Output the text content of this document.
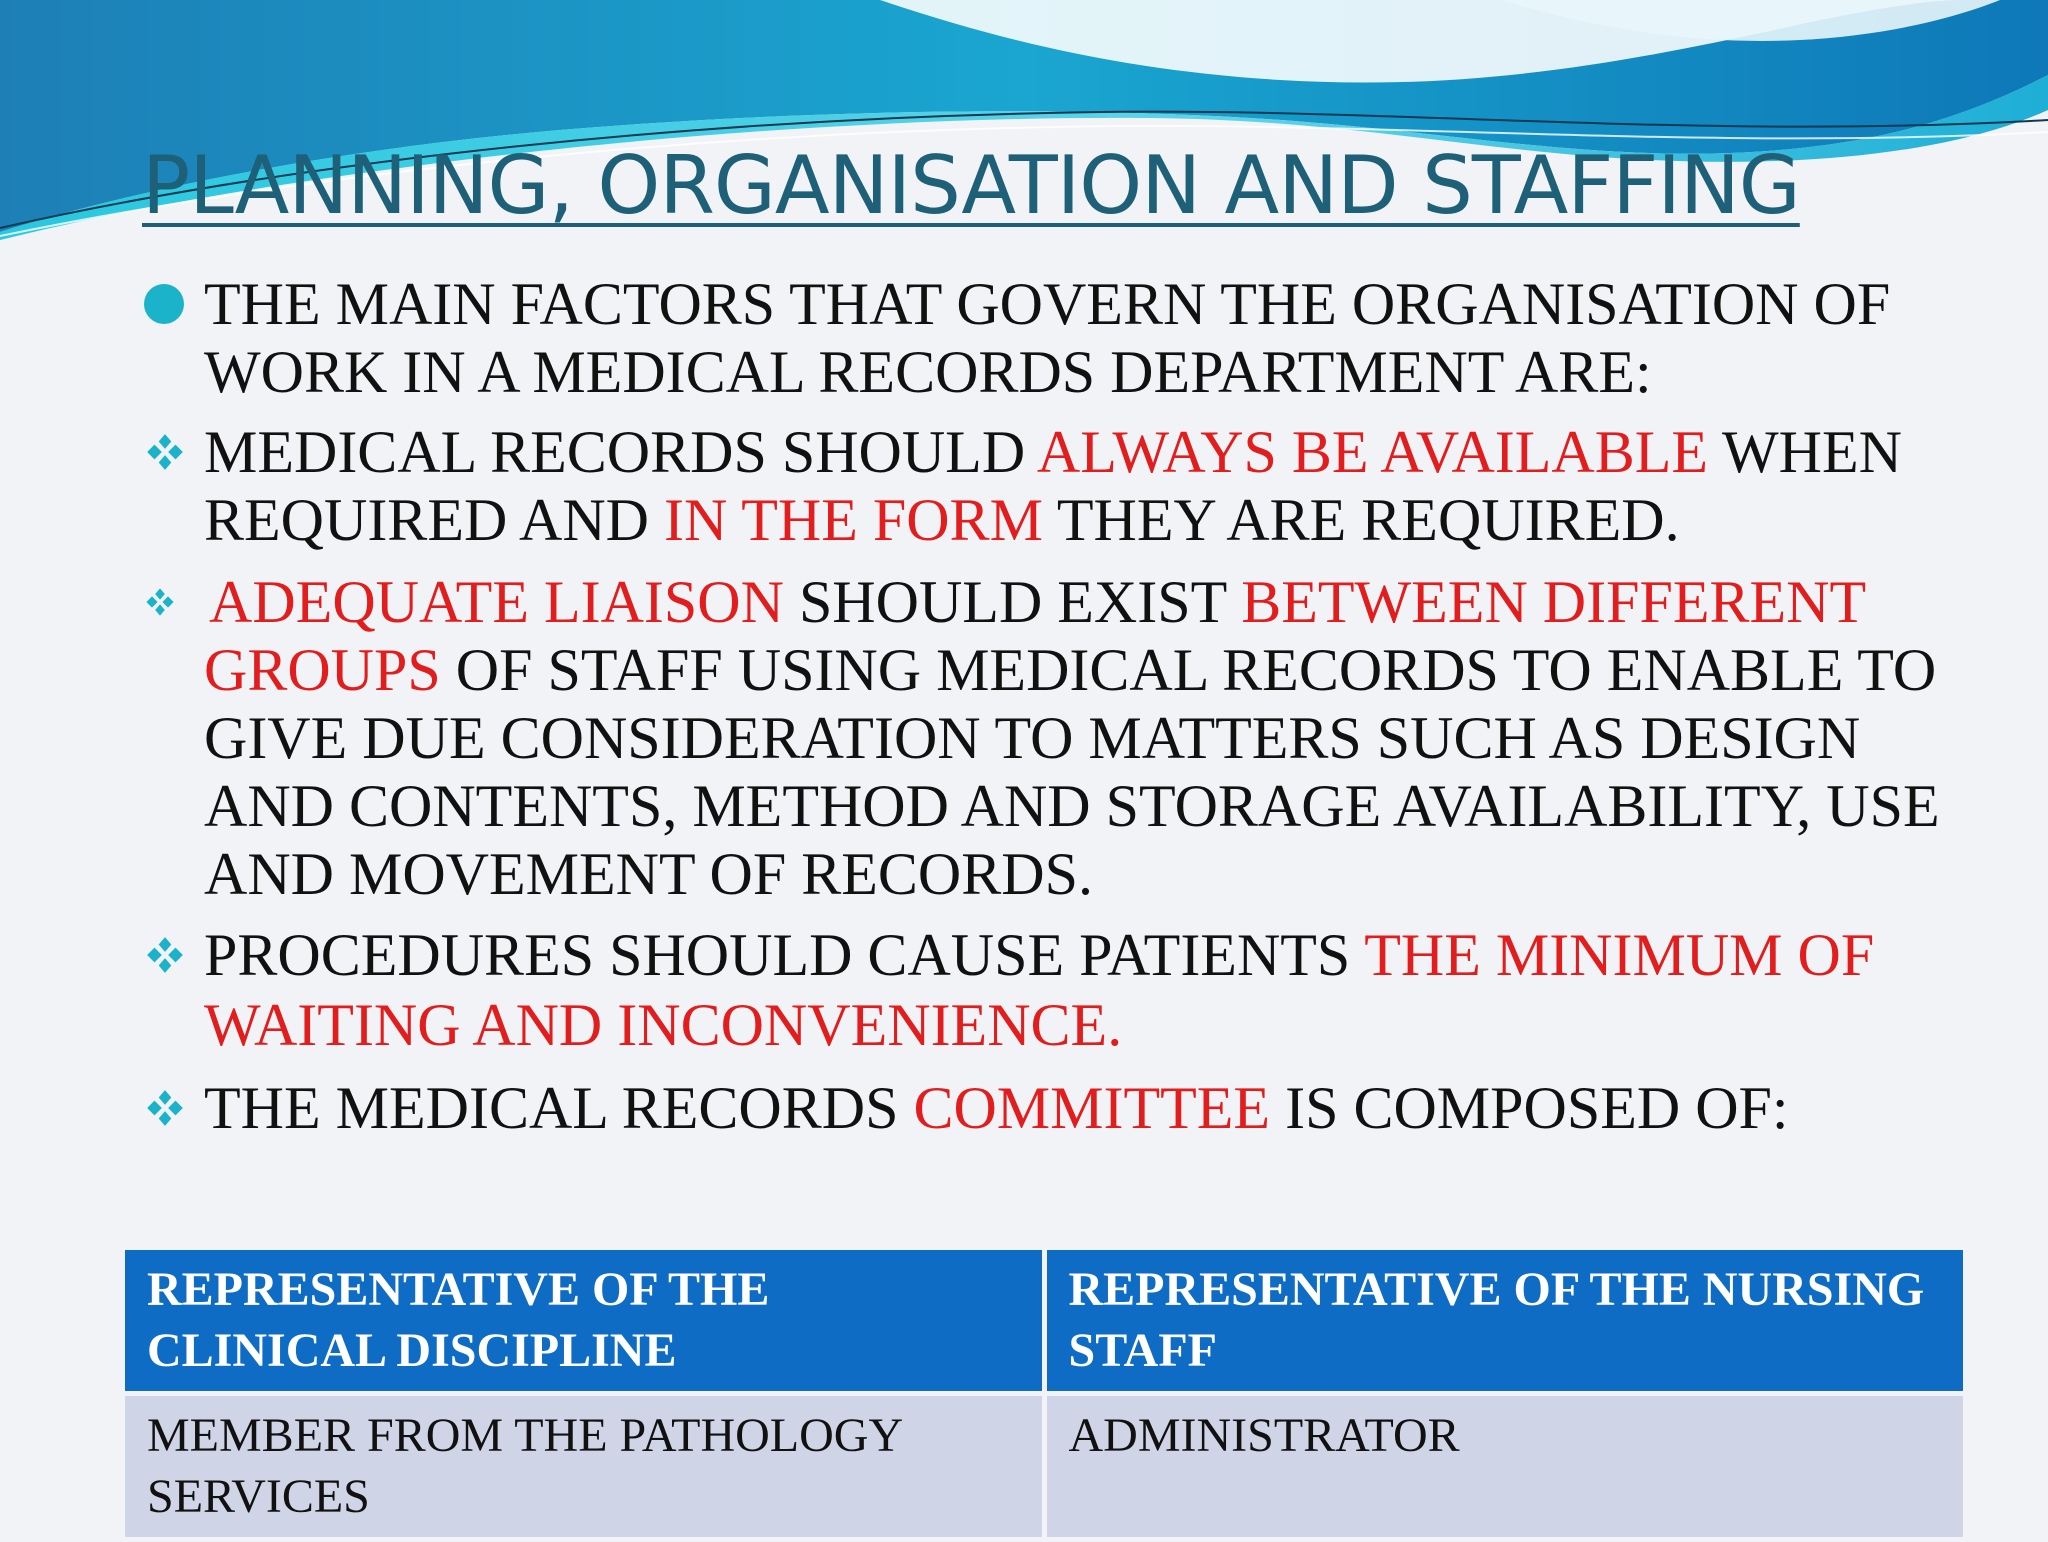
PLANNING, ORGANISATION AND STAFFING
THE MAIN FACTORS THAT GOVERN THE ORGANISATION OF WORK IN A MEDICAL RECORDS DEPARTMENT ARE:
MEDICAL RECORDS SHOULD ALWAYS BE AVAILABLE WHEN REQUIRED AND IN THE FORM THEY ARE REQUIRED.
 ADEQUATE LIAISON SHOULD EXIST BETWEEN DIFFERENT GROUPS OF STAFF USING MEDICAL RECORDS TO ENABLE TO GIVE DUE CONSIDERATION TO MATTERS SUCH AS DESIGN AND CONTENTS, METHOD AND STORAGE AVAILABILITY, USE AND MOVEMENT OF RECORDS.
PROCEDURES SHOULD CAUSE PATIENTS THE MINIMUM OF WAITING AND INCONVENIENCE.
THE MEDICAL RECORDS COMMITTEE IS COMPOSED OF:
REPRESENTATIVE OF THE CLINICAL DISCIPLINE	REPRESENTATIVE OF THE NURSING STAFF
MEMBER FROM THE PATHOLOGY SERVICES	ADMINISTRATOR
